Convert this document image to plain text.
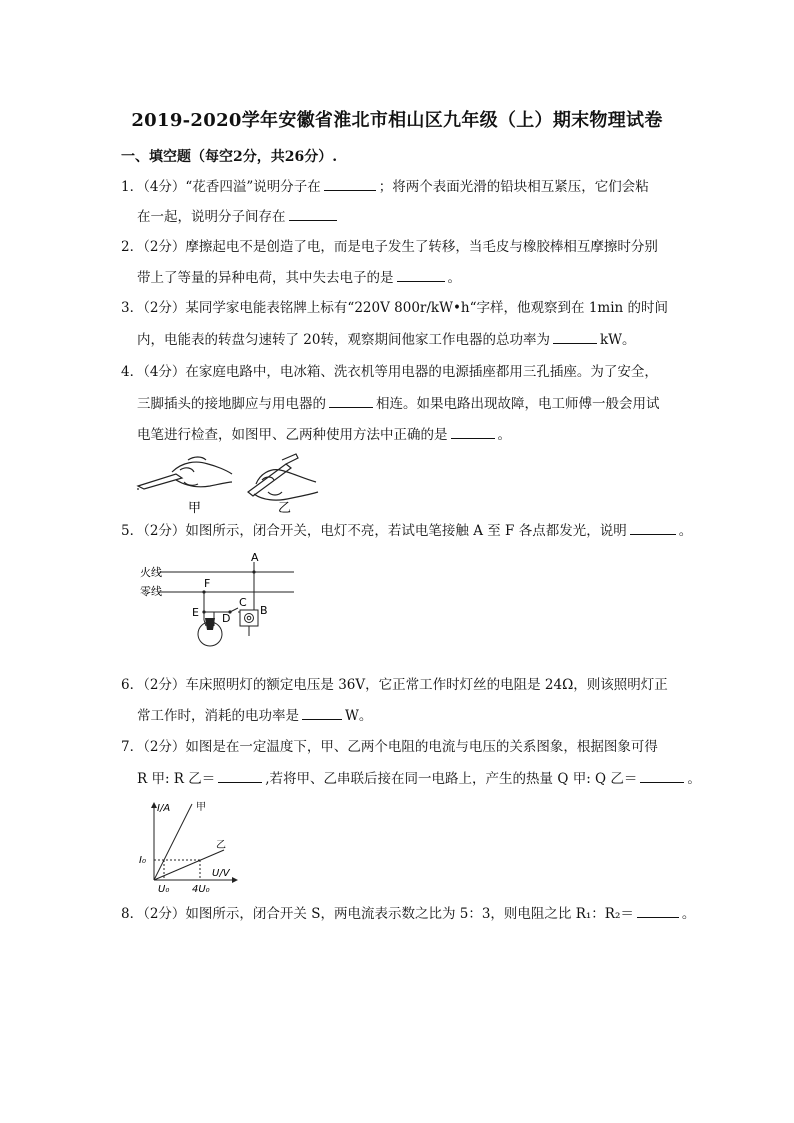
2019-2020学年安徽省淮北市相山区九年级（上）期末物理试卷
一、填空题（每空2分，共26分）.
1．（4分）“花香四溢”说明分子在	；将两个表面光滑的铅块相互紧压，它们会粘
在一起，说明分子间存在
2．（2分）摩擦起电不是创造了电，而是电子发生了转移，当毛皮与橡胶棒相互摩擦时分别
带上了等量的异种电荷，其中失去电子的是	。
3．（2分）某同学家电能表铭牌上标有“220V 800r/kW•h“字样，他观察到在 1min 的时间
内，电能表的转盘匀速转了 20转，观察期间他家工作电器的总功率为	kW。
4．（4分）在家庭电路中，电冰箱、洗衣机等用电器的电源插座都用三孔插座。为了安全，
三脚插头的接地脚应与用电器的	相连。如果电路出现故障，电工师傅一般会用试
电笔进行检查，如图甲、乙两种使用方法中正确的是	。
甲	乙
5．（2分）如图所示，闭合开关，电灯不亮，若试电笔接触 A 至 F 各点都发光，说明	。
火线
零线
A
F
C
B
E D
6．（2分）车床照明灯的额定电压是 36V，它正常工作时灯丝的电阻是 24Ω，则该照明灯正
常工作时，消耗的电功率是	W。
7．（2分）如图是在一定温度下，甲、乙两个电阻的电流与电压的关系图象，根据图象可得
R 甲: R 乙＝	,若将甲、乙串联后接在同一电路上，产生的热量 Q 甲: Q 乙＝	。
I/A
U/V
甲
乙
I₀
U₀ 4U₀
8．（2分）如图所示，闭合开关 S，两电流表示数之比为 5：3，则电阻之比 R₁：R₂＝	。
